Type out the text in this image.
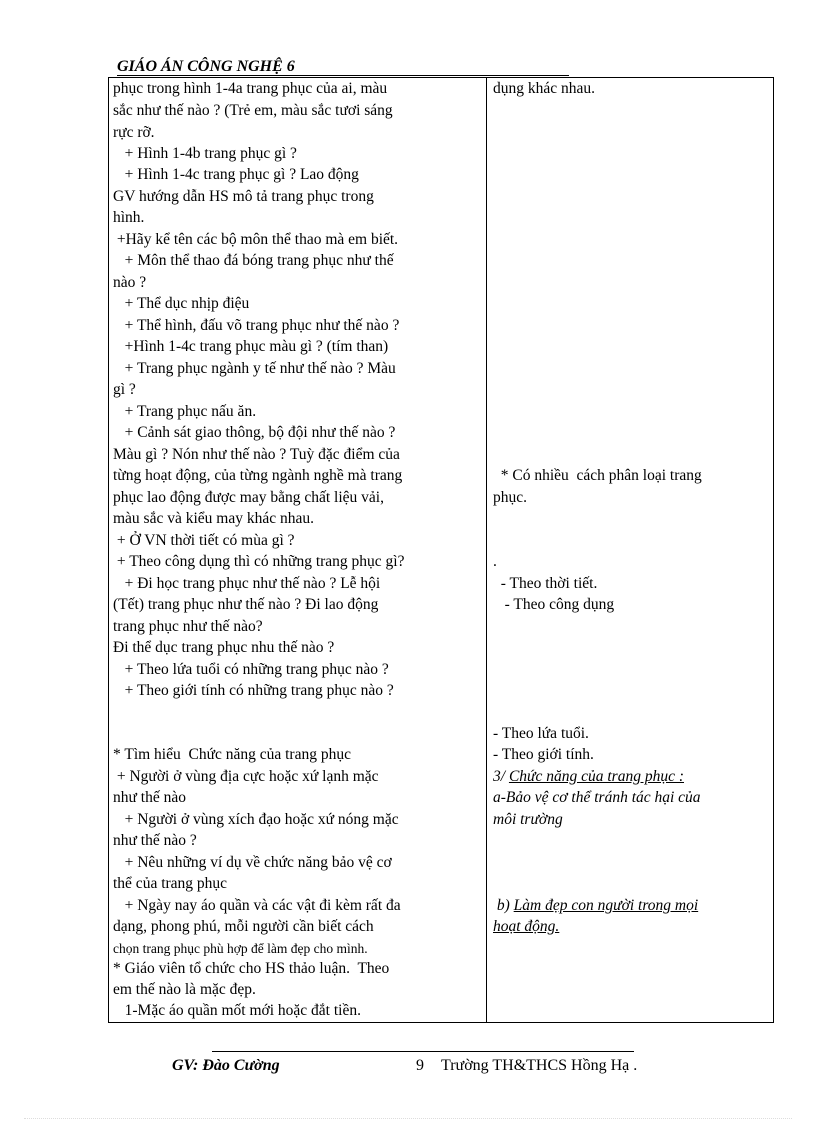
GIÁO ÁN CÔNG NGHỆ 6
phục trong hình 1-4a trang phục của ai, màu
sắc như thế nào ? (Trẻ em, màu sắc tươi sáng
rực rỡ.
+ Hình 1-4b trang phục gì ?
+ Hình 1-4c trang phục gì ? Lao động
GV hướng dẫn HS mô tả trang phục trong
hình.
+Hãy kể tên các bộ môn thể thao mà em biết.
+ Môn thể thao đá bóng trang phục như thế
nào ?
+ Thể dục nhịp điệu
+ Thể hình, đấu võ trang phục như thế nào ?
+Hình 1-4c trang phục màu gì ? (tím than)
+ Trang phục ngành y tế như thế nào ? Màu
gì ?
+ Trang phục nấu ăn.
+ Cảnh sát giao thông, bộ đội như thế nào ?
Màu gì ? Nón như thế nào ? Tuỳ đặc điểm của
từng hoạt động, của từng ngành nghề mà trang
phục lao động được may bằng chất liệu vải,
màu sắc và kiểu may khác nhau.
+ Ở VN thời tiết có mùa gì ?
+ Theo công dụng thì có những trang phục gì?
+ Đi học trang phục như thế nào ? Lễ hội
(Tết) trang phục như thế nào ? Đi lao động
trang phục như thế nào?
Đi thể dục trang phục nhu thế nào ?
+ Theo lứa tuổi có những trang phục nào ?
+ Theo giới tính có những trang phục nào ?
* Tìm hiểu  Chức năng của trang phục
+ Người ở vùng địa cực hoặc xứ lạnh mặc
như thế nào
+ Người ở vùng xích đạo hoặc xứ nóng mặc
như thế nào ?
+ Nêu những ví dụ về chức năng bảo vệ cơ
thể của trang phục
+ Ngày nay áo quần và các vật đi kèm rất đa
dạng, phong phú, mỗi người cần biết cách
chọn trang phục phù hợp để làm đẹp cho mình.
* Giáo viên tổ chức cho HS thảo luận.  Theo
em thế nào là mặc đẹp.
1-Mặc áo quần mốt mới hoặc đắt tiền.
dụng khác nhau.
* Có nhiều  cách phân loại trang
phục.
.
- Theo thời tiết.
- Theo công dụng
- Theo lứa tuổi.
- Theo giới tính.
3/ Chức năng của trang phục :
a-Bảo vệ cơ thể tránh tác hại của
môi trường
b) Làm đẹp con người trong mọi
hoạt động.
GV: Đào Cường	9 Trường TH&THCS Hồng Hạ .
